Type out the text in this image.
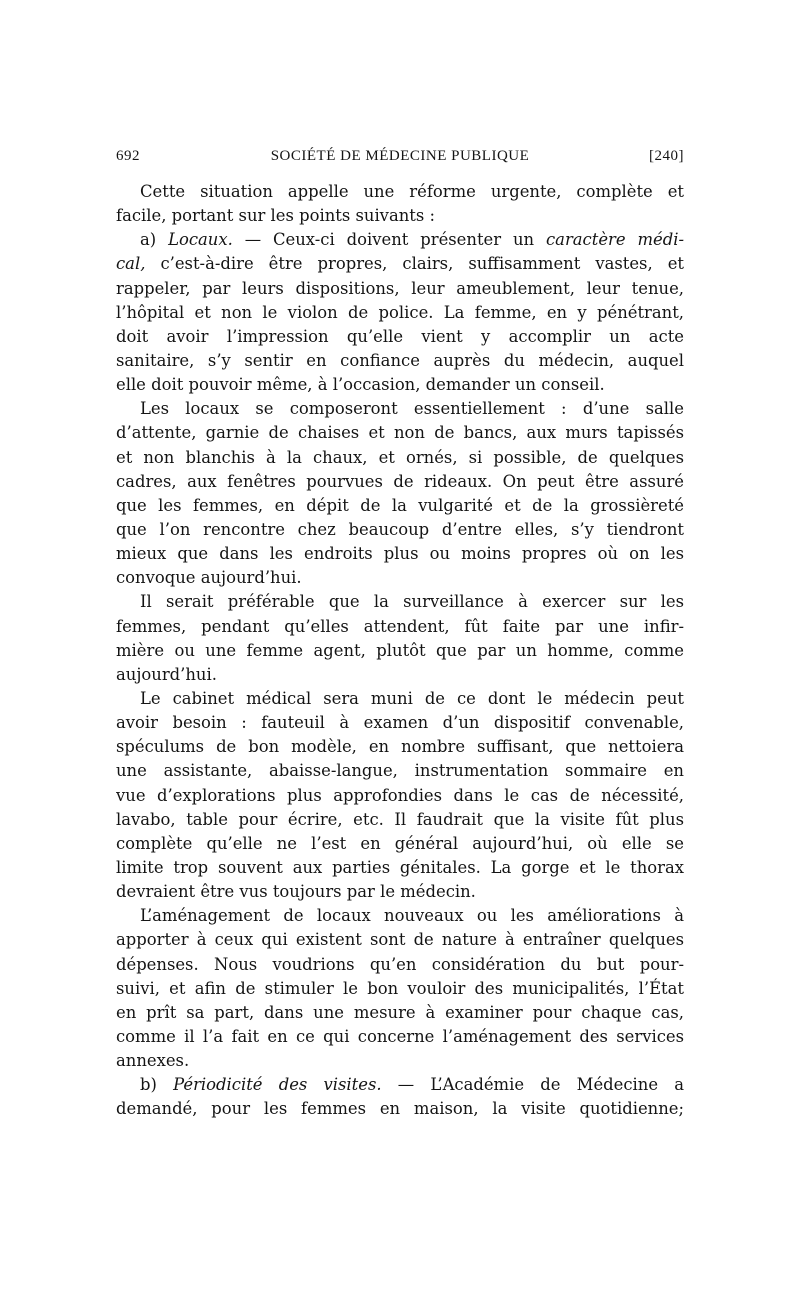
692	SOCIÉTÉ DE MÉDECINE PUBLIQUE	[240]
Cette situation appelle une réforme urgente, complète et
facile, portant sur les points suivants :
a) Locaux. — Ceux-ci doivent présenter un caractère médi-
cal, c’est-à-dire être propres, clairs, suffisamment vastes, et
rappeler, par leurs dispositions, leur ameublement, leur tenue,
l’hôpital et non le violon de police. La femme, en y pénétrant,
doit avoir l’impression qu’elle vient y accomplir un acte
sanitaire, s’y sentir en confiance auprès du médecin, auquel
elle doit pouvoir même, à l’occasion, demander un conseil.
Les locaux se composeront essentiellement : d’une salle
d’attente, garnie de chaises et non de bancs, aux murs tapissés
et non blanchis à la chaux, et ornés, si possible, de quelques
cadres, aux fenêtres pourvues de rideaux. On peut être assuré
que les femmes, en dépit de la vulgarité et de la grossièreté
que l’on rencontre chez beaucoup d’entre elles, s’y tiendront
mieux que dans les endroits plus ou moins propres où on les
convoque aujourd’hui.
Il serait préférable que la surveillance à exercer sur les
femmes, pendant qu’elles attendent, fût faite par une infir-
mière ou une femme agent, plutôt que par un homme, comme
aujourd’hui.
Le cabinet médical sera muni de ce dont le médecin peut
avoir besoin : fauteuil à examen d’un dispositif convenable,
spéculums de bon modèle, en nombre suffisant, que nettoiera
une assistante, abaisse-langue, instrumentation sommaire en
vue d’explorations plus approfondies dans le cas de nécessité,
lavabo, table pour écrire, etc. Il faudrait que la visite fût plus
complète qu’elle ne l’est en général aujourd’hui, où elle se
limite trop souvent aux parties génitales. La gorge et le thorax
devraient être vus toujours par le médecin.
L’aménagement de locaux nouveaux ou les améliorations à
apporter à ceux qui existent sont de nature à entraîner quelques
dépenses. Nous voudrions qu’en considération du but pour-
suivi, et afin de stimuler le bon vouloir des municipalités, l’État
en prît sa part, dans une mesure à examiner pour chaque cas,
comme il l’a fait en ce qui concerne l’aménagement des services
annexes.
b) Périodicité des visites. — L’Académie de Médecine a
demandé, pour les femmes en maison, la visite quotidienne;
